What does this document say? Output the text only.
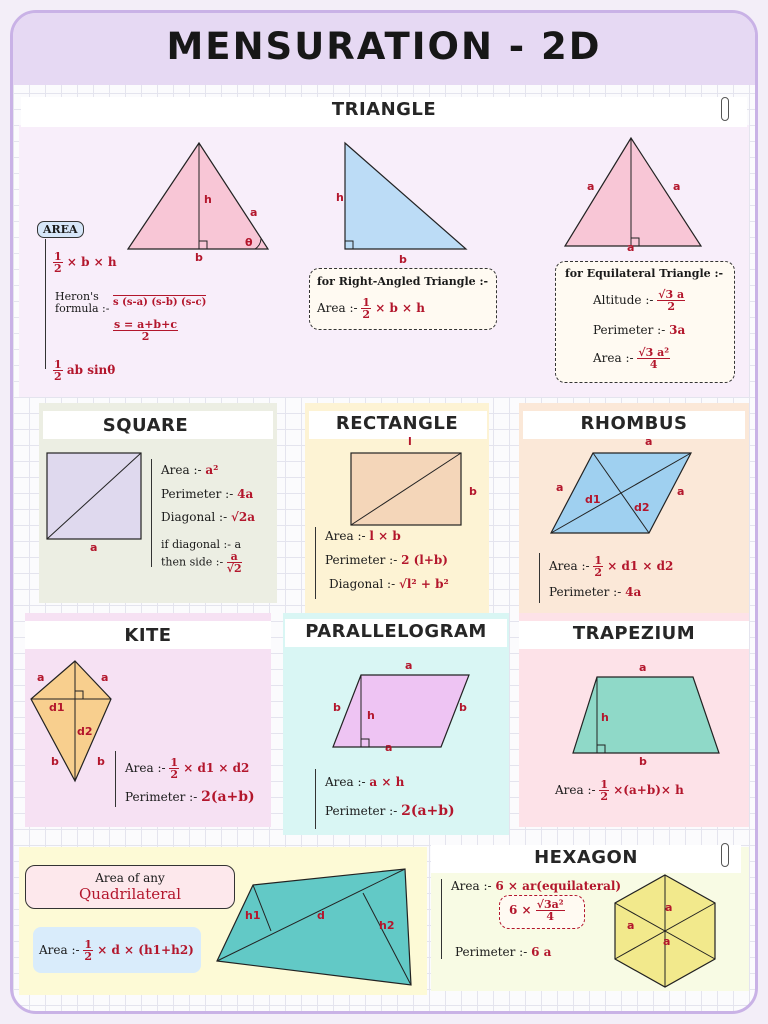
MENSURATION - 2D
TRIANGLE
h
a
b
θ
h
b
a	a
a
AREA
$\frac{1}{2} \times b \times h$
Heron's
formula :- s (s-a) (s-b) (s-c)
$\frac{s = a+b+c}{2}$
$\frac{1}{2}$ ab sinθ
for Right-Angled Triangle :-
Area :- $\frac{1}{2} \times b \times h$
for Equilateral Triangle :-
Altitude :- $\frac{√3 a}{2}$
Perimeter :- 3a
Area :- $\frac{\text{√3 a²}}{4}$
SQUARE
a
Area :- a²
Perimeter :- 4a
Diagonal :- √2a
if diagonal :- a
then side :- $\frac{a}{√2}$
RECTANGLE
l
b
Area :- l × b
Perimeter :- 2 (l+b)
Diagonal :- √l² + b²
RHOMBUS
a
a	a
d1
d2
Area :- $\frac{1}{2} \times d1 \times d2$
Perimeter :- 4a
KITE
a	a
d1
d2
b	b Area :- $\frac{1}{2} \times d1 \times d2$
Perimeter :- 2(a+b)
PARALLELOGRAM
a
a
b	b
h
Area :- a × h
Perimeter :- 2(a+b)
TRAPEZIUM
a
b
h
Area :- $\frac{1}{2} \times(a+b)\times h$
Area of any
Quadrilateral
h1	d
h2
Area :- $\frac{1}{2} \times d \times (h1+h2)$
HEXAGON
Area :- 6 × ar(equilateral)
$6 \times \frac{\text{√3a²}}{4}$
Perimeter :- 6 a
a
a
a
